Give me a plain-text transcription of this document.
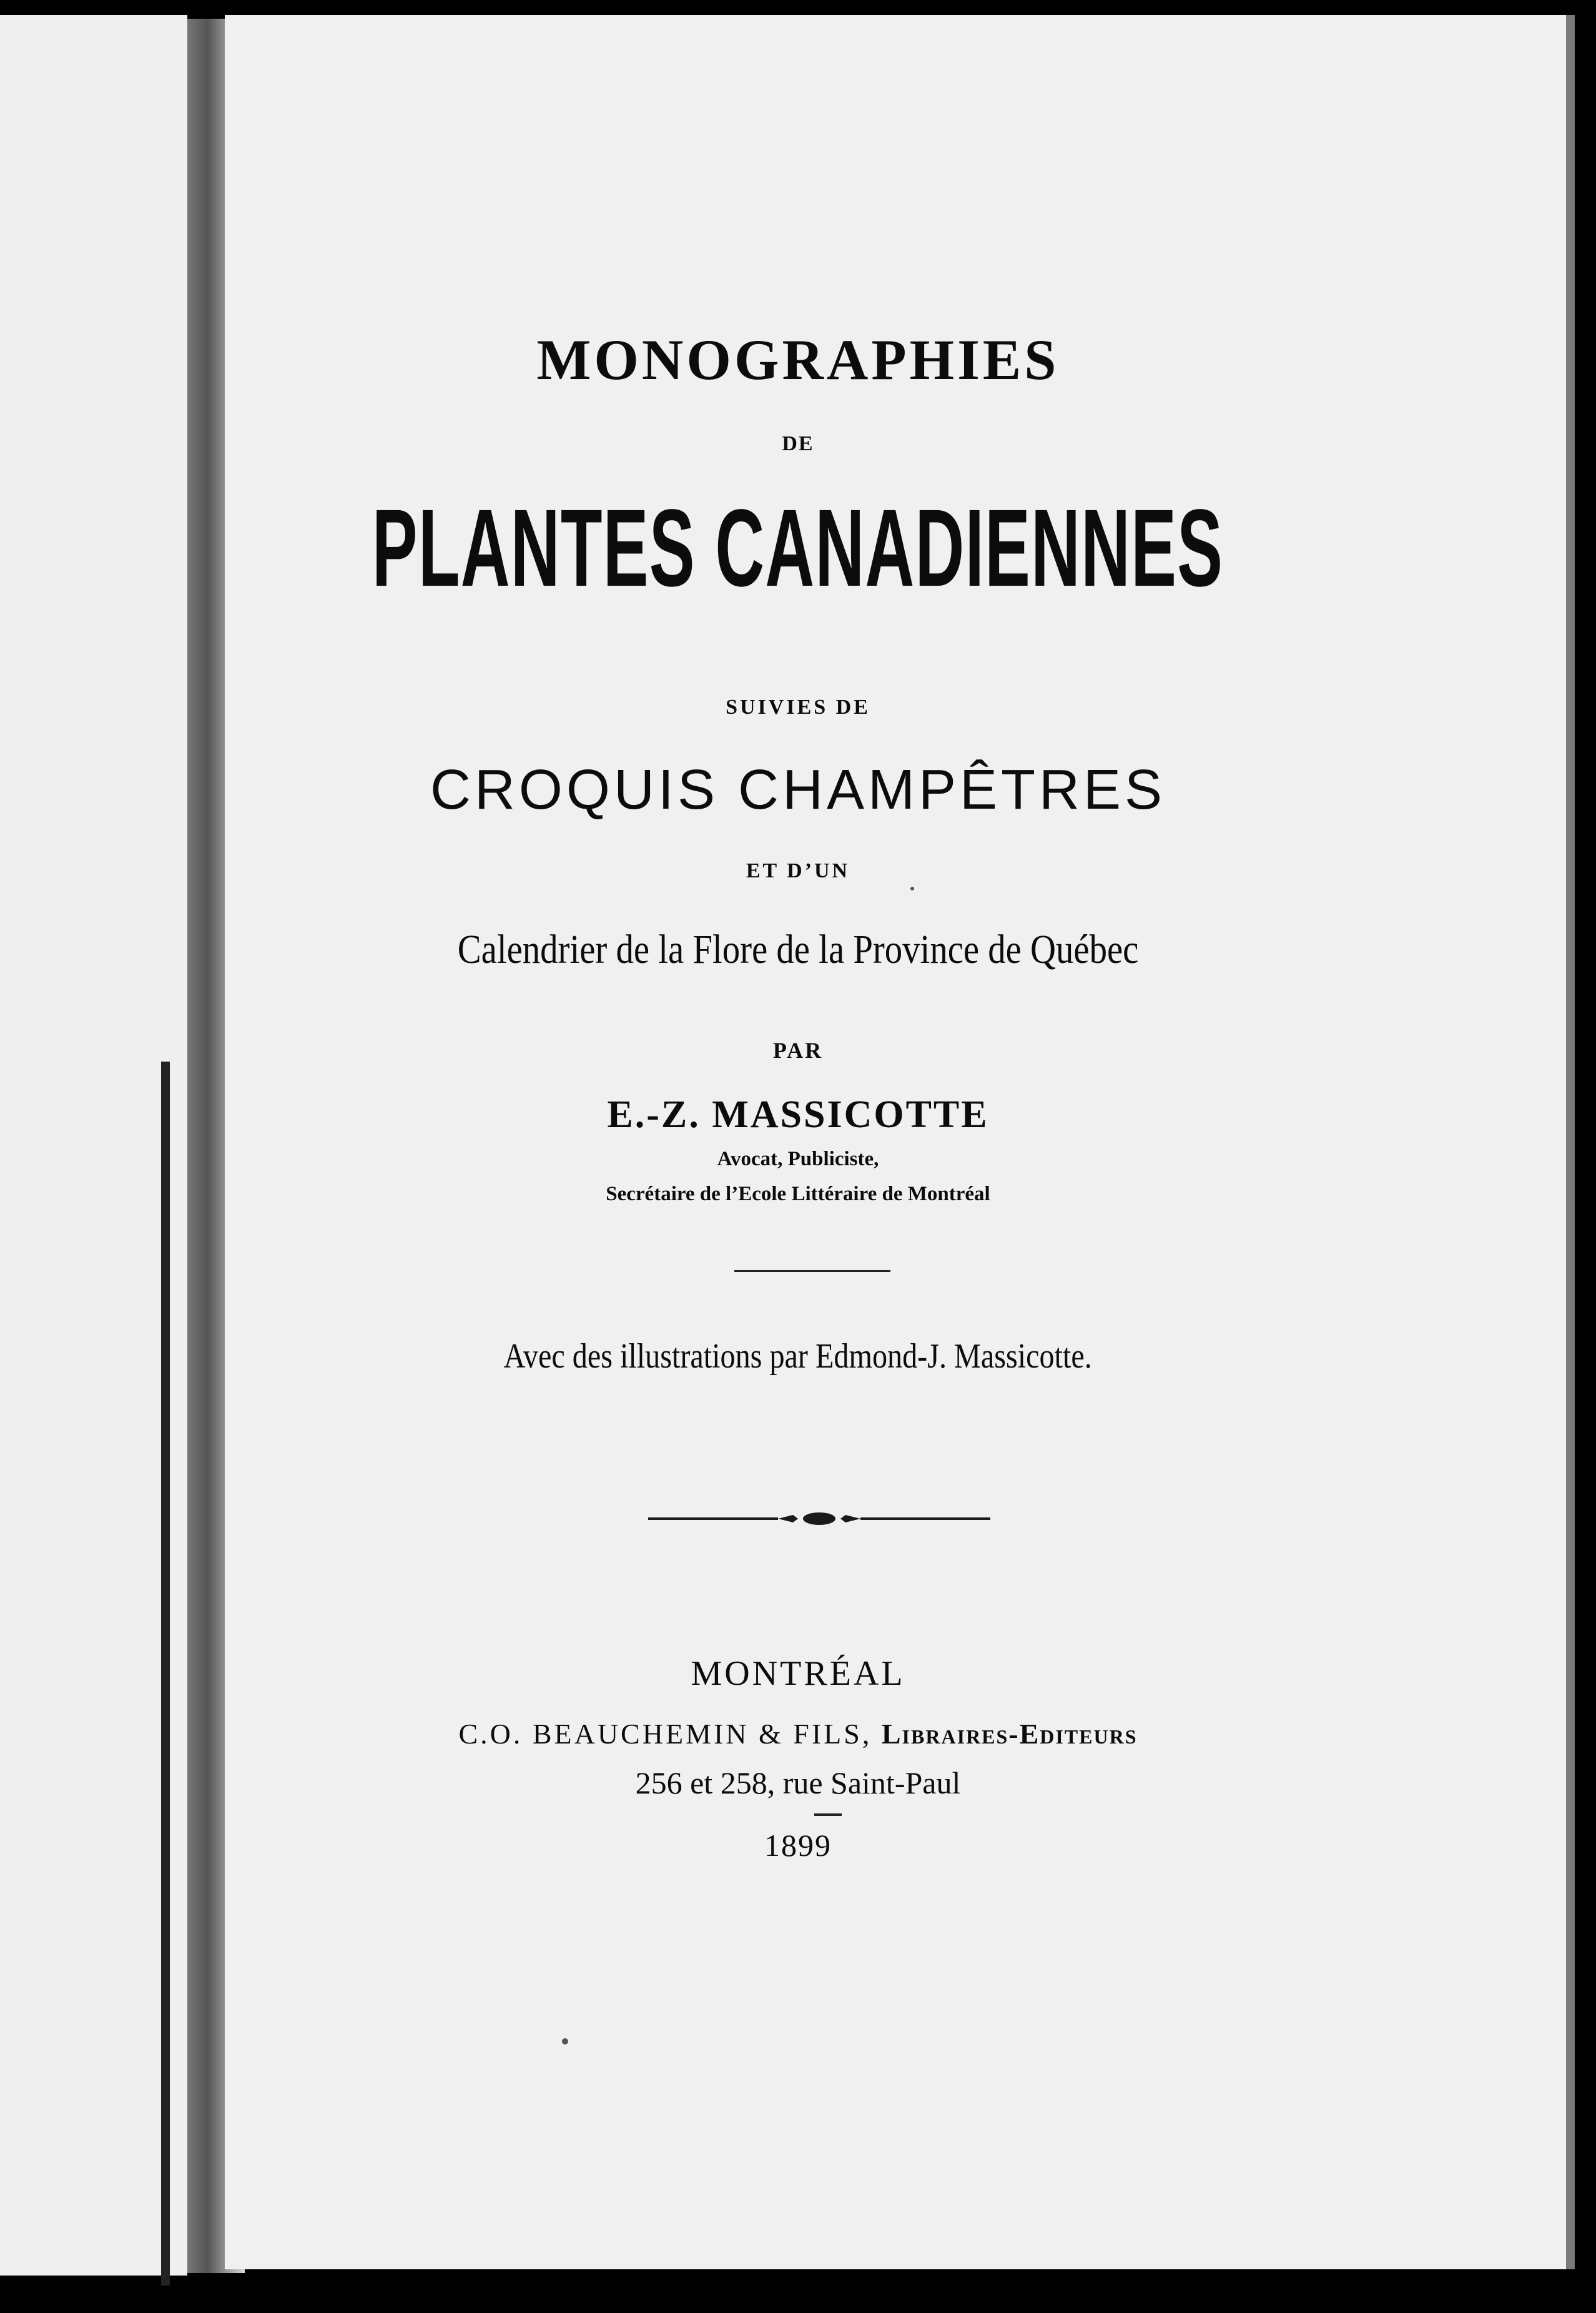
MONOGRAPHIES
DE
PLANTES CANADIENNES
SUIVIES DE
CROQUIS CHAMPÊTRES
ET D’UN
Calendrier de la Flore de la Province de Québec
PAR
E.-Z. MASSICOTTE
Avocat, Publiciste,
Secrétaire de l’Ecole Littéraire de Montréal
Avec des illustrations par Edmond-J. Massicotte.
MONTRÉAL
C.O. BEAUCHEMIN & FILS, Libraires-Editeurs
256 et 258, rue Saint-Paul
1899
